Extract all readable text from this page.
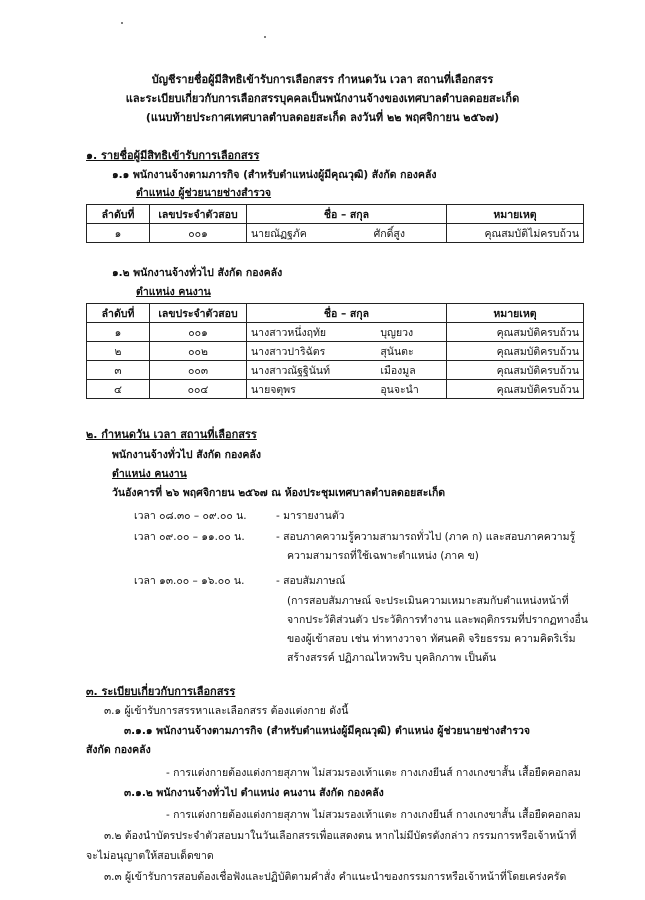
บัญชีรายชื่อผู้มีสิทธิเข้ารับการเลือกสรร กำหนดวัน เวลา สถานที่เลือกสรร
และระเบียบเกี่ยวกับการเลือกสรรบุคคลเป็นพนักงานจ้างของเทศบาลตำบลดอยสะเก็ด
(แนบท้ายประกาศเทศบาลตำบลดอยสะเก็ด ลงวันที่ ๒๒ พฤศจิกายน ๒๕๖๗)
๑. รายชื่อผู้มีสิทธิเข้ารับการเลือกสรร
๑.๑ พนักงานจ้างตามภารกิจ (สำหรับตำแหน่งผู้มีคุณวุฒิ) สังกัด กองคลัง
ตำแหน่ง ผู้ช่วยนายช่างสำรวจ
ลำดับที่	เลขประจำตัวสอบ	ชื่อ – สกุล		หมายเหตุ
๑	๐๐๑	นายณัฏฐภัค	ศักดิ์สูง	คุณสมบัติไม่ครบถ้วน
๑.๒ พนักงานจ้างทั่วไป สังกัด กองคลัง
ตำแหน่ง คนงาน
ลำดับที่	เลขประจำตัวสอบ	ชื่อ – สกุล		หมายเหตุ
๑	๐๐๑	นางสาวหนึ่งฤทัย	บุญยวง	คุณสมบัติครบถ้วน
๒	๐๐๒	นางสาวปาริฉัตร	สุนันตะ	คุณสมบัติครบถ้วน
๓	๐๐๓	นางสาวณัฐฐินันท์	เมืองมูล	คุณสมบัติครบถ้วน
๔	๐๐๔	นายจตุพร	อุนจะนำ	คุณสมบัติครบถ้วน
๒. กำหนดวัน เวลา สถานที่เลือกสรร
พนักงานจ้างทั่วไป สังกัด กองคลัง
ตำแหน่ง คนงาน
วันอังคารที่ ๒๖ พฤศจิกายน ๒๕๖๗ ณ ห้องประชุมเทศบาลตำบลดอยสะเก็ด
เวลา ๐๘.๓๐ – ๐๙.๐๐ น.	- มารายงานตัว
เวลา ๐๙.๐๐ – ๑๑.๐๐ น.	- สอบภาคความรู้ความสามารถทั่วไป (ภาค ก) และสอบภาคความรู้
ความสามารถที่ใช้เฉพาะตำแหน่ง (ภาค ข)
เวลา ๑๓.๐๐ – ๑๖.๐๐ น.	- สอบสัมภาษณ์
(การสอบสัมภาษณ์ จะประเมินความเหมาะสมกับตำแหน่งหน้าที่
จากประวัติส่วนตัว ประวัติการทำงาน และพฤติกรรมที่ปรากฏทางอื่น
ของผู้เข้าสอบ เช่น ท่าทางวาจา ทัศนคติ จริยธรรม ความคิดริเริ่ม
สร้างสรรค์ ปฏิภาณไหวพริบ บุคลิกภาพ เป็นต้น
๓. ระเบียบเกี่ยวกับการเลือกสรร
๓.๑ ผู้เข้ารับการสรรหาและเลือกสรร ต้องแต่งกาย ดังนี้
๓.๑.๑ พนักงานจ้างตามภารกิจ (สำหรับตำแหน่งผู้มีคุณวุฒิ) ตำแหน่ง ผู้ช่วยนายช่างสำรวจ
สังกัด กองคลัง
- การแต่งกายต้องแต่งกายสุภาพ ไม่สวมรองเท้าแตะ กางเกงยีนส์ กางเกงขาสั้น เสื้อยืดคอกลม
๓.๑.๒ พนักงานจ้างทั่วไป ตำแหน่ง คนงาน สังกัด กองคลัง
- การแต่งกายต้องแต่งกายสุภาพ ไม่สวมรองเท้าแตะ กางเกงยีนส์ กางเกงขาสั้น เสื้อยืดคอกลม
๓.๒ ต้องนำบัตรประจำตัวสอบมาในวันเลือกสรรเพื่อแสดงตน หากไม่มีบัตรดังกล่าว กรรมการหรือเจ้าหน้าที่
จะไม่อนุญาตให้สอบเด็ดขาด
๓.๓ ผู้เข้ารับการสอบต้องเชื่อฟังและปฏิบัติตามคำสั่ง คำแนะนำของกรรมการหรือเจ้าหน้าที่โดยเคร่งครัด
